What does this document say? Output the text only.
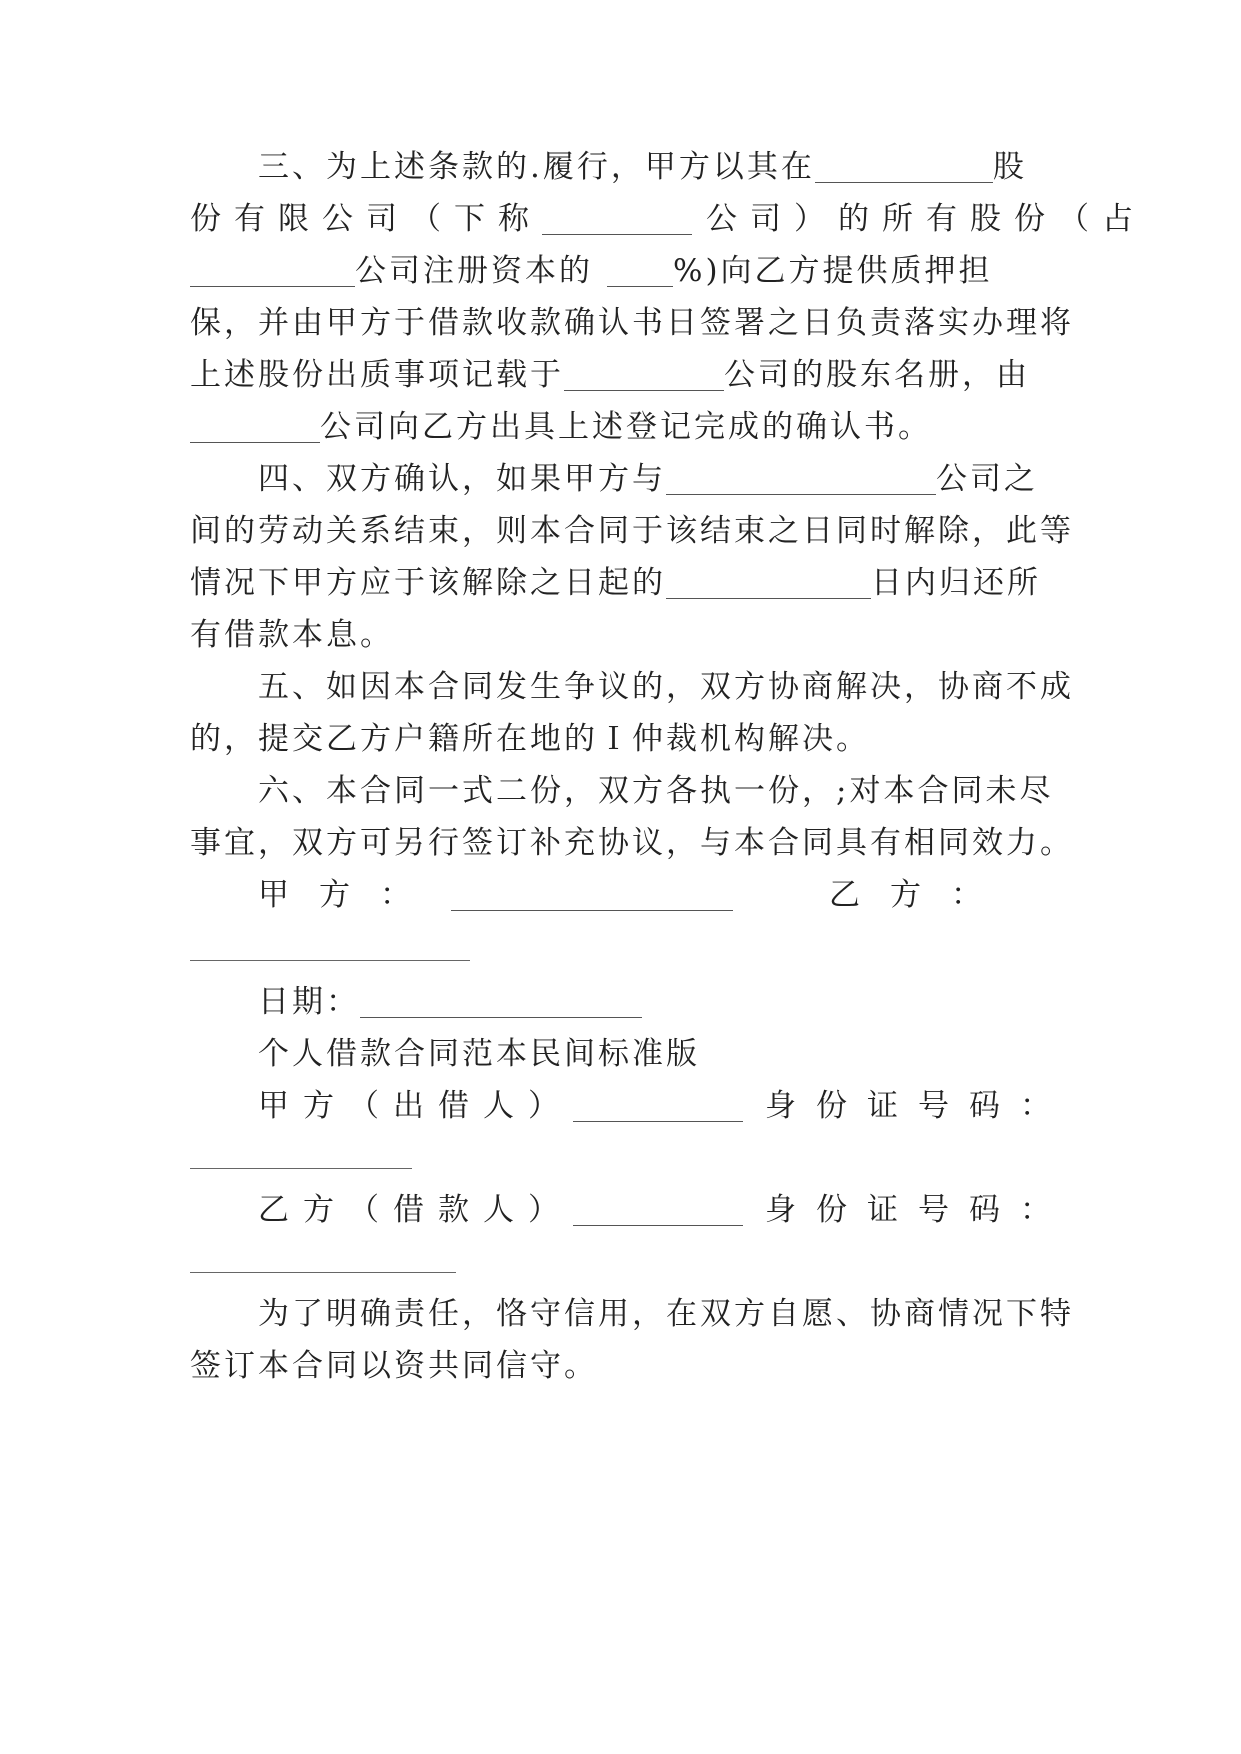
三、为上述条款的.履行，甲方以其在	股
份有限公司（下称	公司）的所有股份（占
公司注册资本的	%)向乙方提供质押担
保，并由甲方于借款收款确认书日签署之日负责落实办理将
上述股份出质事项记载于	公司的股东名册，由
公司向乙方出具上述登记完成的确认书。
四、双方确认，如果甲方与	公司之
间的劳动关系结束，则本合同于该结束之日同时解除，此等
情况下甲方应于该解除之日起的	日内归还所
有借款本息。
五、如因本合同发生争议的，双方协商解决，协商不成
的，提交乙方户籍所在地的Ｉ仲裁机构解决。
六、本合同一式二份，双方各执一份，;对本合同未尽
事宜，双方可另行签订补充协议，与本合同具有相同效力。
甲方：	乙方：
日期：
个人借款合同范本民间标准版
甲方（出借人）	身份证号码：
乙方（借款人）	身份证号码：
为了明确责任，恪守信用，在双方自愿、协商情况下特
签订本合同以资共同信守。
